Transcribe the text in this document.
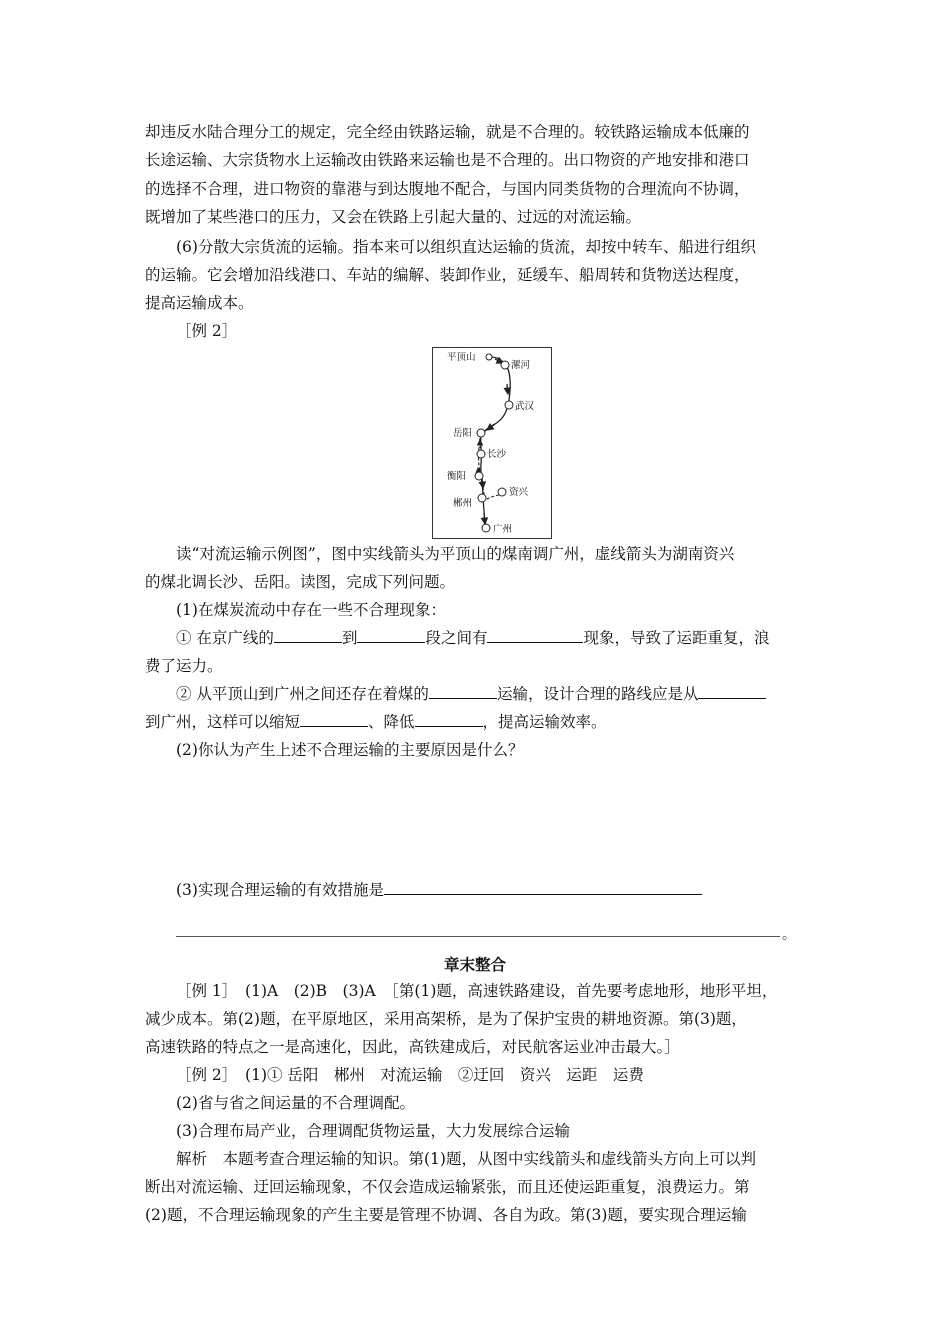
却违反水陆合理分工的规定，完全经由铁路运输，就是不合理的。较铁路运输成本低廉的
长途运输、大宗货物水上运输改由铁路来运输也是不合理的。出口物资的产地安排和港口
的选择不合理，进口物资的靠港与到达腹地不配合，与国内同类货物的合理流向不协调，
既增加了某些港口的压力，又会在铁路上引起大量的、过远的对流运输。
(6)分散大宗货流的运输。指本来可以组织直达运输的货流，却按中转车、船进行组织
的运输。它会增加沿线港口、车站的编解、装卸作业，延缓车、船周转和货物送达程度，
提高运输成本。
［例 2］
平顶山
漯河
武汉
岳阳
长沙
衡阳
资兴
郴州
广州
读“对流运输示例图”，图中实线箭头为平顶山的煤南调广州，虚线箭头为湖南资兴
的煤北调长沙、岳阳。读图，完成下列问题。
(1)在煤炭流动中存在一些不合理现象：
① 在京广线的	到	段之间有	现象，导致了运距重复，浪
费了运力。
② 从平顶山到广州之间还存在着煤的	运输，设计合理的路线应是从
到广州，这样可以缩短	、降低	，提高运输效率。
(2)你认为产生上述不合理运输的主要原因是什么？
(3)实现合理运输的有效措施是
。
章末整合
［例 1］　(1)A　(2)B　(3)A　［第(1)题，高速铁路建设，首先要考虑地形，地形平坦，
减少成本。第(2)题，在平原地区，采用高架桥，是为了保护宝贵的耕地资源。第(3)题，
高速铁路的特点之一是高速化，因此，高铁建成后，对民航客运业冲击最大。］
［例 2］　(1)① 岳阳　郴州　对流运输　②迂回　资兴　运距　运费
(2)省与省之间运量的不合理调配。
(3)合理布局产业，合理调配货物运量，大力发展综合运输
解析　本题考查合理运输的知识。第(1)题，从图中实线箭头和虚线箭头方向上可以判
断出对流运输、迂回运输现象，不仅会造成运输紧张，而且还使运距重复，浪费运力。第
(2)题，不合理运输现象的产生主要是管理不协调、各自为政。第(3)题，要实现合理运输
